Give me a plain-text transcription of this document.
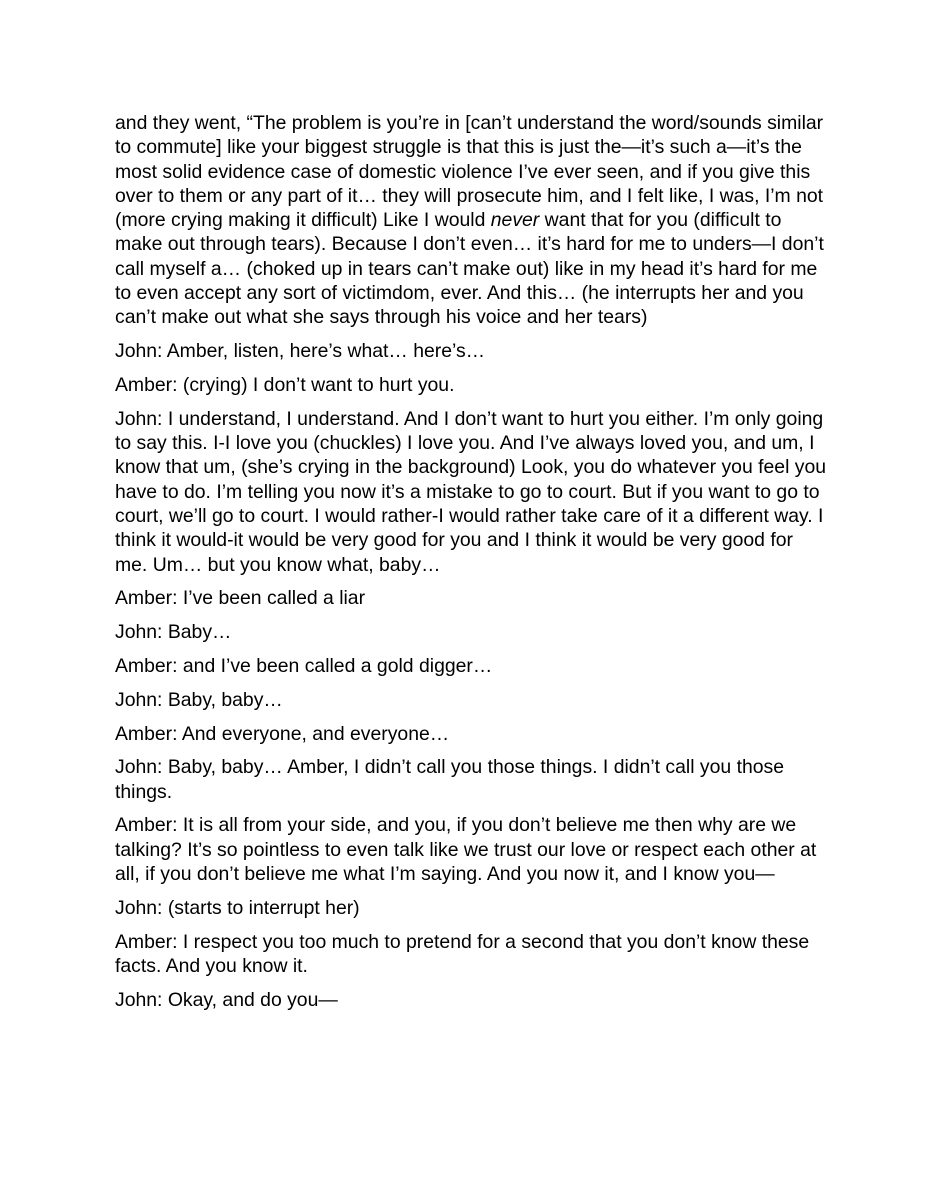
and they went, “The problem is you’re in [can’t understand the word/sounds similar to commute] like your biggest struggle is that this is just the—it’s such a—it’s the most solid evidence case of domestic violence I’ve ever seen, and if you give this over to them or any part of it… they will prosecute him, and I felt like, I was, I’m not (more crying making it difficult) Like I would never want that for you (difficult to make out through tears). Because I don’t even… it’s hard for me to unders—I don’t call myself a… (choked up in tears can’t make out) like in my head it’s hard for me to even accept any sort of victimdom, ever. And this… (he interrupts her and you can’t make out what she says through his voice and her tears)

John: Amber, listen, here’s what… here’s…

Amber: (crying) I don’t want to hurt you.

John: I understand, I understand. And I don’t want to hurt you either. I’m only going to say this. I-I love you (chuckles) I love you. And I’ve always loved you, and um, I know that um, (she’s crying in the background) Look, you do whatever you feel you have to do. I’m telling you now it’s a mistake to go to court. But if you want to go to court, we’ll go to court. I would rather-I would rather take care of it a different way. I think it would-it would be very good for you and I think it would be very good for me. Um… but you know what, baby…

Amber: I’ve been called a liar

John: Baby…

Amber: and I’ve been called a gold digger…

John: Baby, baby…

Amber: And everyone, and everyone…

John: Baby, baby… Amber, I didn’t call you those things. I didn’t call you those things.

Amber: It is all from your side, and you, if you don’t believe me then why are we talking? It’s so pointless to even talk like we trust our love or respect each other at all, if you don’t believe me what I’m saying. And you now it, and I know you—

John: (starts to interrupt her)

Amber: I respect you too much to pretend for a second that you don’t know these facts. And you know it.

John: Okay, and do you—
